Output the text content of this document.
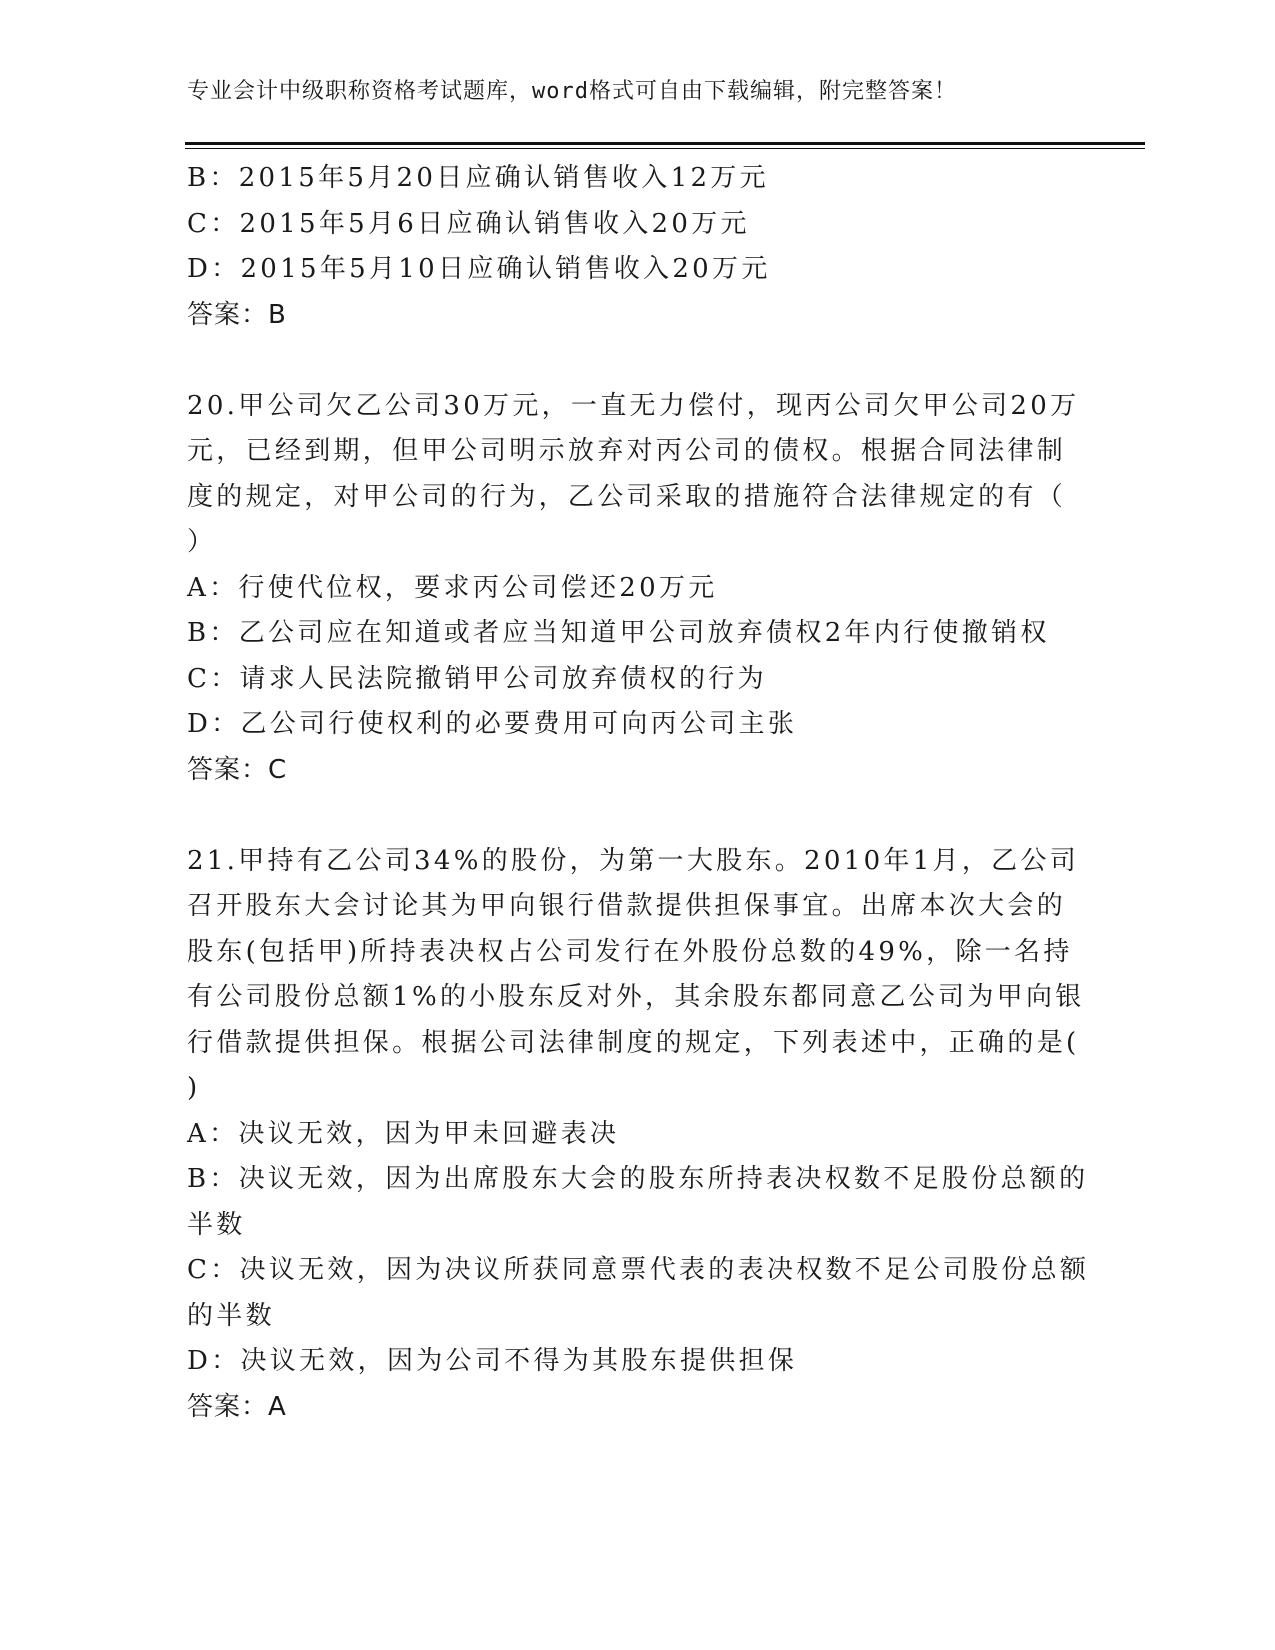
专业会计中级职称资格考试题库，word格式可自由下载编辑，附完整答案！
B：2015年5月20日应确认销售收入12万元
C：2015年5月6日应确认销售收入20万元
D：2015年5月10日应确认销售收入20万元
答案：B
20.甲公司欠乙公司30万元，一直无力偿付，现丙公司欠甲公司20万
元，已经到期，但甲公司明示放弃对丙公司的债权。根据合同法律制
度的规定，对甲公司的行为，乙公司采取的措施符合法律规定的有（
）
A：行使代位权，要求丙公司偿还20万元
B：乙公司应在知道或者应当知道甲公司放弃债权2年内行使撤销权
C：请求人民法院撤销甲公司放弃债权的行为
D：乙公司行使权利的必要费用可向丙公司主张
答案：C
21.甲持有乙公司34%的股份，为第一大股东。2010年1月，乙公司
召开股东大会讨论其为甲向银行借款提供担保事宜。出席本次大会的
股东(包括甲)所持表决权占公司发行在外股份总数的49%，除一名持
有公司股份总额1%的小股东反对外，其余股东都同意乙公司为甲向银
行借款提供担保。根据公司法律制度的规定，下列表述中，正确的是(
)
A：决议无效，因为甲未回避表决
B：决议无效，因为出席股东大会的股东所持表决权数不足股份总额的
半数
C：决议无效，因为决议所获同意票代表的表决权数不足公司股份总额
的半数
D：决议无效，因为公司不得为其股东提供担保
答案：A
